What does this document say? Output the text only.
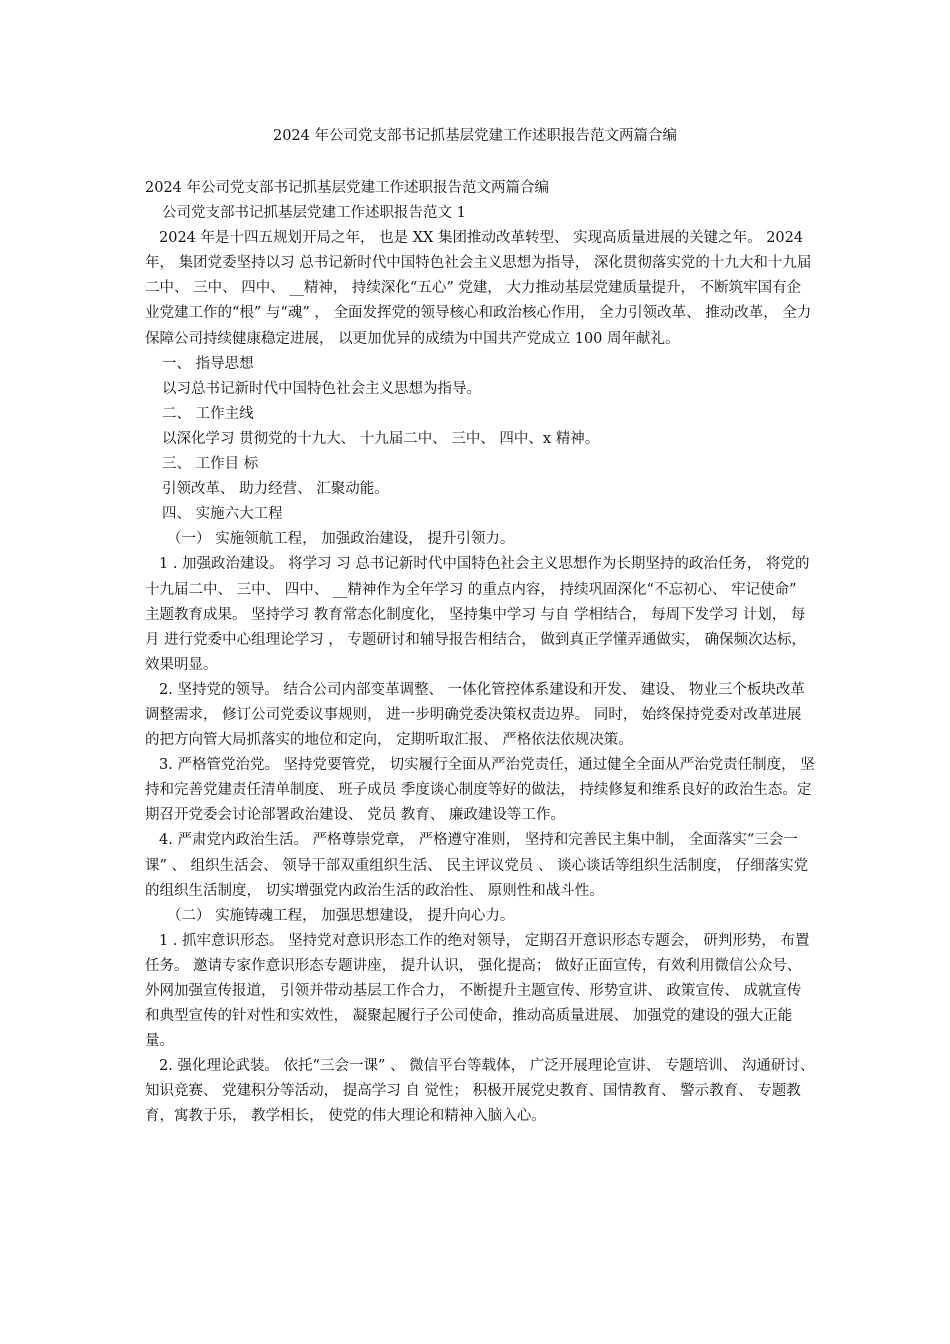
2024 年公司党支部书记抓基层党建工作述职报告范文两篇合编

2024 年公司党支部书记抓基层党建工作述职报告范文两篇合编

公司党支部书记抓基层党建工作述职报告范文 1

2024 年是十四五规划开局之年， 也是 XX 集团推动改革转型、 实现高质量进展的关键之年。 2024 年， 集团党委坚持以习 总书记新时代中国特色社会主义思想为指导， 深化贯彻落实党的十九大和十九届二中、 三中、 四中、 __精神， 持续深化“五心” 党建， 大力推动基层党建质量提升， 不断筑牢国有企业党建工作的“根” 与“魂” ， 全面发挥党的领导核心和政治核心作用， 全力引领改革、 推动改革， 全力保障公司持续健康稳定进展， 以更加优异的成绩为中国共产党成立 100 周年献礼。

一、 指导思想

以习总书记新时代中国特色社会主义思想为指导。

二、 工作主线

以深化学习 贯彻党的十九大、 十九届二中、 三中、 四中、x 精神。

三、 工作目 标

引领改革、 助力经营、 汇聚动能。

四、 实施六大工程

（一） 实施领航工程， 加强政治建设， 提升引领力。

1 . 加强政治建设。 将学习 习 总书记新时代中国特色社会主义思想作为长期坚持的政治任务， 将党的十九届二中、 三中、 四中、 __精神作为全年学习 的重点内容， 持续巩固深化“不忘初心、 牢记使命” 主题教育成果。 坚持学习 教育常态化制度化， 坚持集中学习 与自 学相结合， 每周下发学习 计划， 每月 进行党委中心组理论学习 ， 专题研讨和辅导报告相结合， 做到真正学懂弄通做实， 确保频次达标， 效果明显。

2. 坚持党的领导。 结合公司内部变革调整、 一体化管控体系建设和开发、 建设、 物业三个板块改革调整需求， 修订公司党委议事规则， 进一步明确党委决策权责边界。 同时， 始终保持党委对改革进展的把方向管大局抓落实的地位和定向， 定期听取汇报、 严格依法依规决策。

3. 严格管党治党。 坚持党要管党， 切实履行全面从严治党责任，通过健全全面从严治党责任制度， 坚持和完善党建责任清单制度、 班子成员 季度谈心制度等好的做法， 持续修复和维系良好的政治生态。定期召开党委会讨论部署政治建设、 党员 教育、 廉政建设等工作。

4. 严肃党内政治生活。 严格尊崇党章， 严格遵守准则， 坚持和完善民主集中制， 全面落实“三会一课” 、 组织生活会、 领导干部双重组织生活、 民主评议党员 、 谈心谈话等组织生活制度， 仔细落实党的组织生活制度， 切实增强党内政治生活的政治性、 原则性和战斗性。

（二） 实施铸魂工程， 加强思想建设， 提升向心力。

1 . 抓牢意识形态。 坚持党对意识形态工作的绝对领导， 定期召开意识形态专题会， 研判形势， 布置任务。 邀请专家作意识形态专题讲座， 提升认识， 强化提高； 做好正面宣传，有效利用微信公众号、 外网加强宣传报道， 引领并带动基层工作合力， 不断提升主题宣传、形势宣讲、 政策宣传、 成就宣传和典型宣传的针对性和实效性， 凝聚起履行子公司使命，推动高质量进展、 加强党的建设的强大正能量。

2. 强化理论武装。 依托“三会一课” 、 微信平台等载体， 广泛开展理论宣讲、 专题培训、 沟通研讨、 知识竞赛、 党建积分等活动， 提高学习 自 觉性； 积极开展党史教育、国情教育、 警示教育、 专题教育，寓教于乐， 教学相长， 使党的伟大理论和精神入脑入心。
